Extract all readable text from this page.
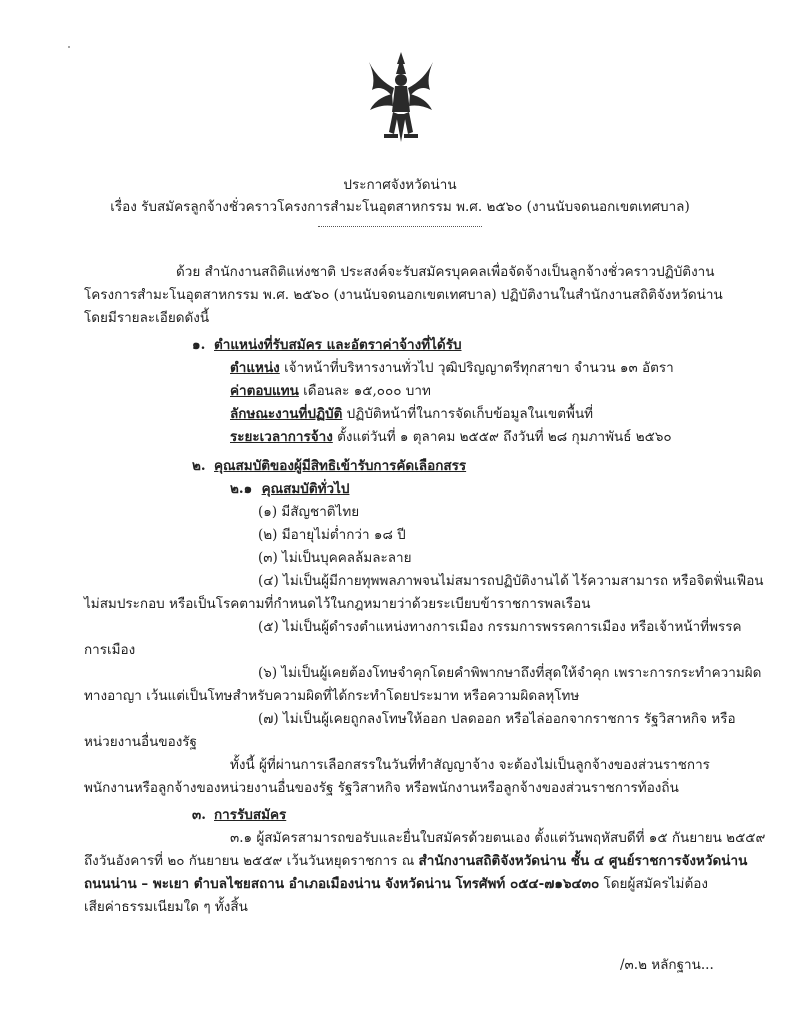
ประกาศจังหวัดน่าน
เรื่อง รับสมัครลูกจ้างชั่วคราวโครงการสำมะโนอุตสาหกรรม พ.ศ. ๒๕๖๐ (งานนับจดนอกเขตเทศบาล)
ด้วย สำนักงานสถิติแห่งชาติ ประสงค์จะรับสมัครบุคคลเพื่อจัดจ้างเป็นลูกจ้างชั่วคราวปฏิบัติงาน
โครงการสำมะโนอุตสาหกรรม พ.ศ. ๒๕๖๐ (งานนับจดนอกเขตเทศบาล) ปฏิบัติงานในสำนักงานสถิติจังหวัดน่าน
โดยมีรายละเอียดดังนี้
๑. ตำแหน่งที่รับสมัคร และอัตราค่าจ้างที่ได้รับ
ตำแหน่ง เจ้าหน้าที่บริหารงานทั่วไป วุฒิปริญญาตรีทุกสาขา จำนวน ๑๓ อัตรา
ค่าตอบแทน เดือนละ ๑๕,๐๐๐ บาท
ลักษณะงานที่ปฏิบัติ ปฏิบัติหน้าที่ในการจัดเก็บข้อมูลในเขตพื้นที่
ระยะเวลาการจ้าง ตั้งแต่วันที่ ๑ ตุลาคม ๒๕๕๙ ถึงวันที่ ๒๘ กุมภาพันธ์ ๒๕๖๐
๒. คุณสมบัติของผู้มีสิทธิเข้ารับการคัดเลือกสรร
๒.๑ คุณสมบัติทั่วไป
(๑) มีสัญชาติไทย
(๒) มีอายุไม่ต่ำกว่า ๑๘ ปี
(๓) ไม่เป็นบุคคลล้มละลาย
(๔) ไม่เป็นผู้มีกายทุพพลภาพจนไม่สมารถปฏิบัติงานได้ ไร้ความสามารถ หรือจิตฟั่นเฟือน
ไม่สมประกอบ หรือเป็นโรคตามที่กำหนดไว้ในกฎหมายว่าด้วยระเบียบข้าราชการพลเรือน
(๕) ไม่เป็นผู้ดำรงตำแหน่งทางการเมือง กรรมการพรรคการเมือง หรือเจ้าหน้าที่พรรค
การเมือง
(๖) ไม่เป็นผู้เคยต้องโทษจำคุกโดยคำพิพากษาถึงที่สุดให้จำคุก เพราะการกระทำความผิด
ทางอาญา เว้นแต่เป็นโทษสำหรับความผิดที่ได้กระทำโดยประมาท หรือความผิดลหุโทษ
(๗) ไม่เป็นผู้เคยถูกลงโทษให้ออก ปลดออก หรือไล่ออกจากราชการ รัฐวิสาหกิจ หรือ
หน่วยงานอื่นของรัฐ
ทั้งนี้ ผู้ที่ผ่านการเลือกสรรในวันที่ทำสัญญาจ้าง จะต้องไม่เป็นลูกจ้างของส่วนราชการ
พนักงานหรือลูกจ้างของหน่วยงานอื่นของรัฐ รัฐวิสาหกิจ หรือพนักงานหรือลูกจ้างของส่วนราชการท้องถิ่น
๓. การรับสมัคร
๓.๑ ผู้สมัครสามารถขอรับและยื่นใบสมัครด้วยตนเอง ตั้งแต่วันพฤหัสบดีที่ ๑๕ กันยายน ๒๕๕๙
ถึงวันอังคารที่ ๒๐ กันยายน ๒๕๕๙ เว้นวันหยุดราชการ ณ สำนักงานสถิติจังหวัดน่าน ชั้น ๔ ศูนย์ราชการจังหวัดน่าน
ถนนน่าน – พะเยา ตำบลไชยสถาน อำเภอเมืองน่าน จังหวัดน่าน โทรศัพท์ ๐๕๔-๗๑๖๔๓๐ โดยผู้สมัครไม่ต้อง
เสียค่าธรรมเนียมใด ๆ ทั้งสิ้น
/๓.๒ หลักฐาน...
